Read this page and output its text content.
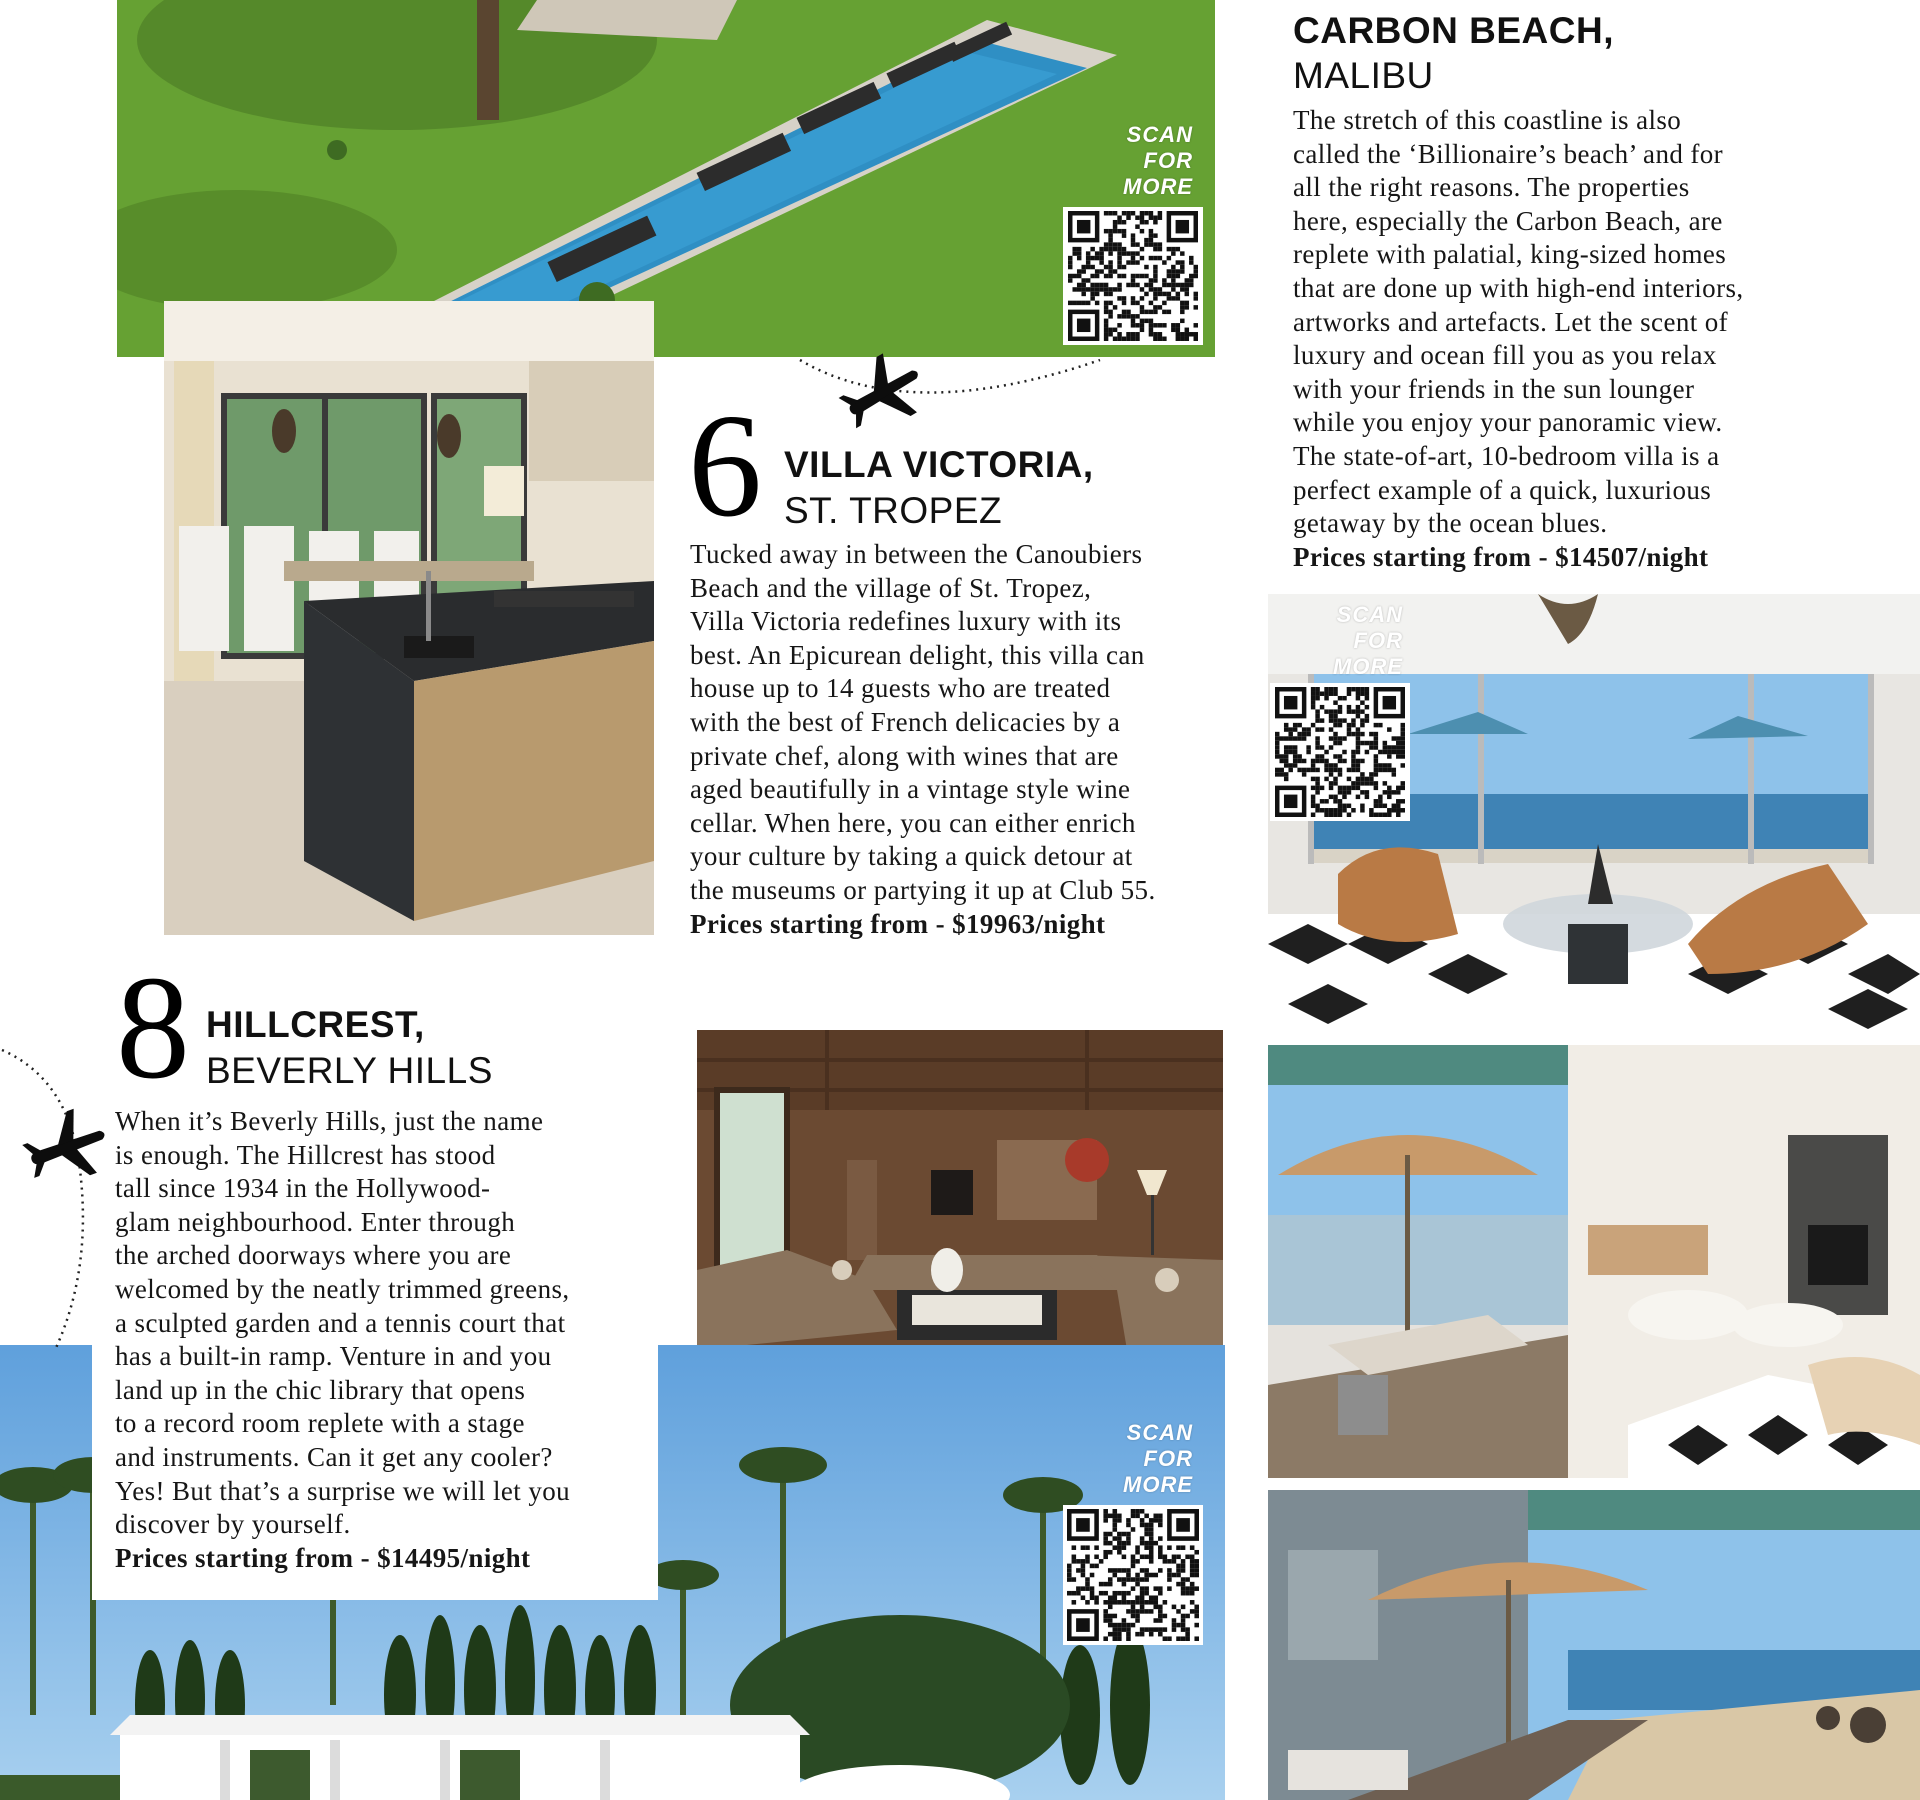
SCAN
FOR
MORE
SCAN
FOR
MORE
SCAN
FOR
MORE
CARBON BEACH,
MALIBU

The stretch of this coastline is also

called the ‘Billionaire’s beach’ and for

all the right reasons. The properties

here, especially the Carbon Beach, are

replete with palatial, king-sized homes

that are done up with high-end interiors,

artworks and artefacts. Let the scent of

luxury and ocean fill you as you relax

with your friends in the sun lounger

while you enjoy your panoramic view.

The state-of-art, 10-bedroom villa is a

perfect example of a quick, luxurious

getaway by the ocean blues.

Prices starting from - $14507/night

6 VILLA VICTORIA,
ST. TROPEZ

Tucked away in between the Canoubiers

Beach and the village of St. Tropez,

Villa Victoria redefines luxury with its

best. An Epicurean delight, this villa can

house up to 14 guests who are treated

with the best of French delicacies by a

private chef, along with wines that are

aged beautifully in a vintage style wine

cellar. When here, you can either enrich

your culture by taking a quick detour at

the museums or partying it up at Club 55.

Prices starting from - $19963/night

8 HILLCREST,
BEVERLY HILLS

When it’s Beverly Hills, just the name

is enough. The Hillcrest has stood

tall since 1934 in the Hollywood-

glam neighbourhood. Enter through

the arched doorways where you are

welcomed by the neatly trimmed greens,

a sculpted garden and a tennis court that

has a built-in ramp. Venture in and you

land up in the chic library that opens

to a record room replete with a stage

and instruments. Can it get any cooler?

Yes! But that’s a surprise we will let you

discover by yourself.

Prices starting from - $14495/night
